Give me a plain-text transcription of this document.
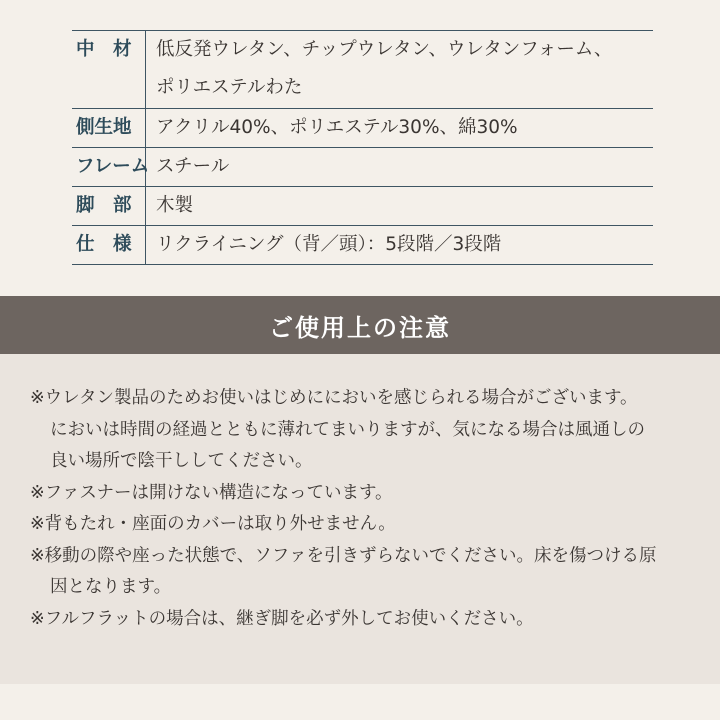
中　材	低反発ウレタン、チップウレタン、ウレタンフォーム、
ポリエステルわた
側生地	アクリル40%、ポリエステル30%、綿30%
フレーム スチール
脚　部	木製
仕　様	リクライニング（背／頭）：5段階／3段階
ご使用上の注意
※ウレタン製品のためお使いはじめににおいを感じられる場合がございます。
においは時間の経過とともに薄れてまいりますが、気になる場合は風通しの
良い場所で陰干ししてください。
※ファスナーは開けない構造になっています。
※背もたれ・座面のカバーは取り外せません。
※移動の際や座った状態で、ソファを引きずらないでください。床を傷つける原
因となります。
※フルフラットの場合は、継ぎ脚を必ず外してお使いください。
